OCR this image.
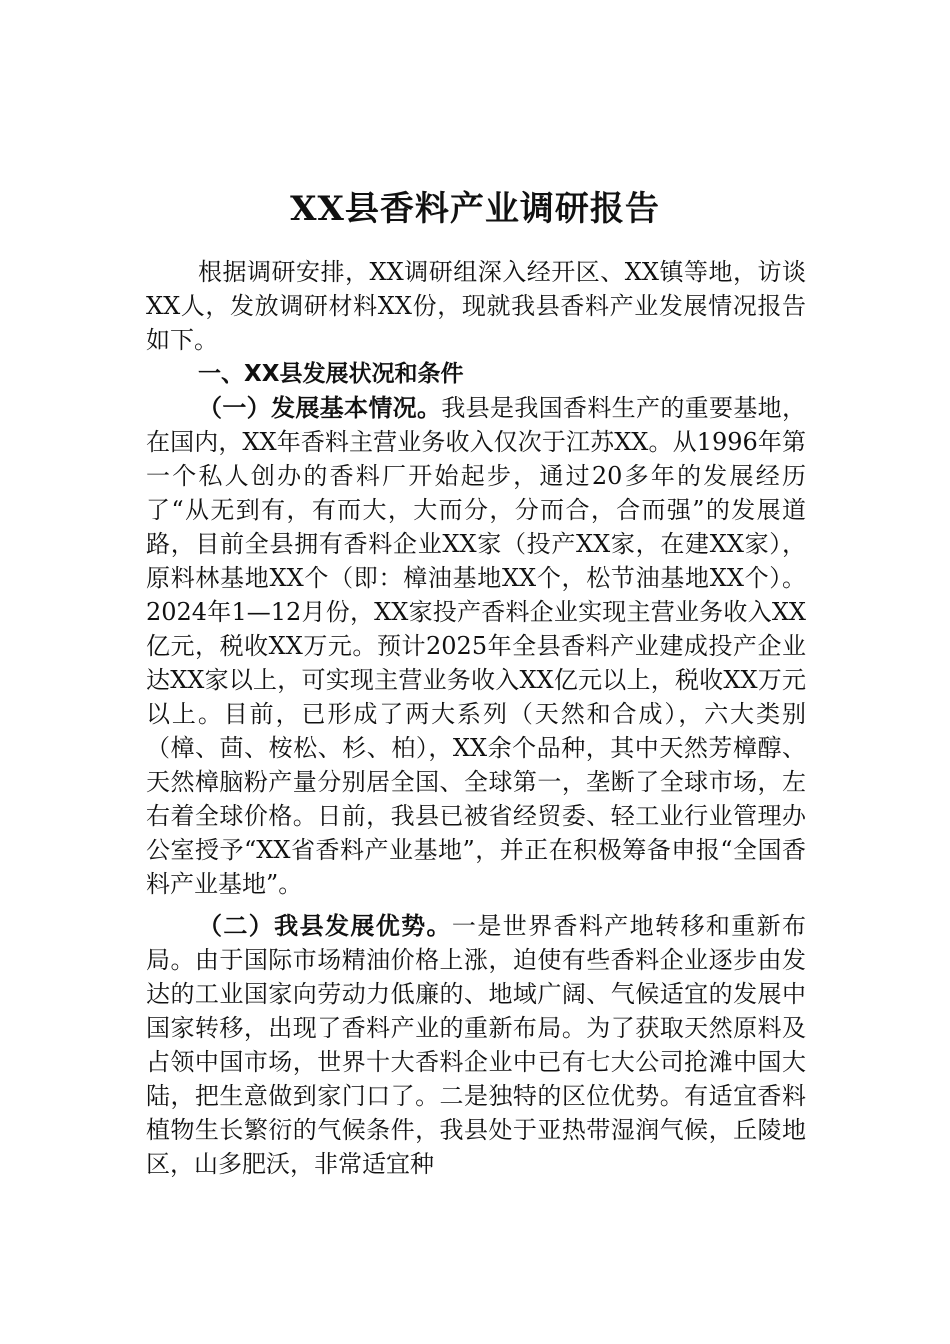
XX县香料产业调研报告

根据调研安排，XX调研组深入经开区、XX镇等地，访谈XX人，发放调研材料XX份，现就我县香料产业发展情况报告如下。

一、XX县发展状况和条件

（一）发展基本情况。我县是我国香料生产的重要基地，在国内，XX年香料主营业务收入仅次于江苏XX。从1996年第一个私人创办的香料厂开始起步，通过20多年的发展经历了“从无到有，有而大，大而分，分而合，合而强”的发展道路，目前全县拥有香料企业XX家（投产XX家，在建XX家），原料林基地XX个（即：樟油基地XX个，松节油基地XX个）。2024年1—12月份，XX家投产香料企业实现主营业务收入XX亿元，税收XX万元。预计2025年全县香料产业建成投产企业达XX家以上，可实现主营业务收入XX亿元以上，税收XX万元以上。目前，已形成了两大系列（天然和合成），六大类别（樟、茴、桉松、杉、柏），XX余个品种，其中天然芳樟醇、天然樟脑粉产量分别居全国、全球第一，垄断了全球市场，左右着全球价格。日前，我县已被省经贸委、轻工业行业管理办公室授予“XX省香料产业基地”，并正在积极筹备申报“全国香料产业基地”。

（二）我县发展优势。一是世界香料产地转移和重新布局。由于国际市场精油价格上涨，迫使有些香料企业逐步由发达的工业国家向劳动力低廉的、地域广阔、气候适宜的发展中国家转移，出现了香料产业的重新布局。为了获取天然原料及占领中国市场，世界十大香料企业中已有七大公司抢滩中国大陆，把生意做到家门口了。二是独特的区位优势。有适宜香料植物生长繁衍的气候条件，我县处于亚热带湿润气候，丘陵地区，山多肥沃，非常适宜种
